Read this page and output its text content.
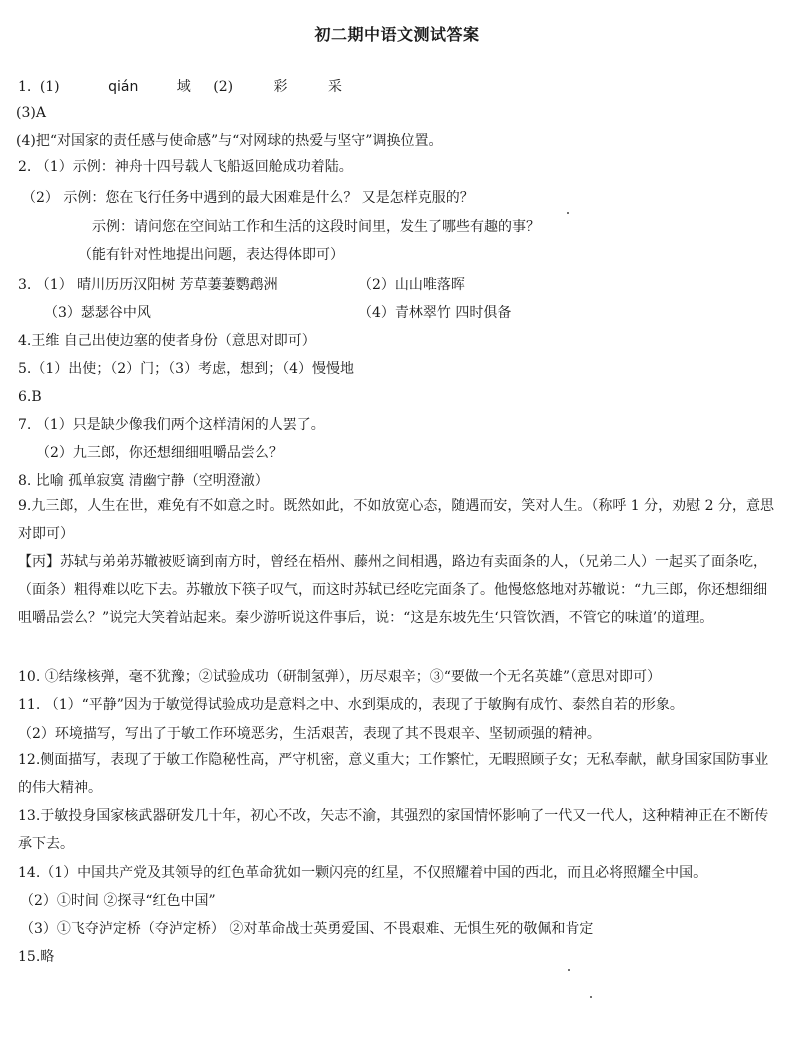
初二期中语文测试答案
1. (1)	qián	域 (2)	彩	采
(3)A
(4)把“对国家的责任感与使命感”与“对网球的热爱与坚守”调换位置。
2. （1）示例：神舟十四号载人飞船返回舱成功着陆。
（2） 示例：您在飞行任务中遇到的最大困难是什么？ 又是怎样克服的？
示例：请问您在空间站工作和生活的这段时间里，发生了哪些有趣的事？
（能有针对性地提出问题，表达得体即可）
3. （1） 晴川历历汉阳树 芳草萋萋鹦鹉洲	（2）山山唯落晖
（3）瑟瑟谷中风	（4）青林翠竹 四时俱备
4.王维 自己出使边塞的使者身份（意思对即可）
5.（1）出使；（2）门；（3）考虑，想到；（4）慢慢地
6.B
7. （1）只是缺少像我们两个这样清闲的人罢了。
（2）九三郎，你还想细细咀嚼品尝么？
8. 比喻 孤单寂寞 清幽宁静（空明澄澈）
9.九三郎，人生在世，难免有不如意之时。既然如此，不如放宽心态，随遇而安，笑对人生。（称呼 1 分，劝慰 2 分，意思对即可）
【丙】苏轼与弟弟苏辙被贬谪到南方时，曾经在梧州、藤州之间相遇，路边有卖面条的人，（兄弟二人）一起买了面条吃，（面条）粗得难以吃下去。苏辙放下筷子叹气，而这时苏轼已经吃完面条了。他慢悠悠地对苏辙说：“九三郎，你还想细细咀嚼品尝么？”说完大笑着站起来。秦少游听说这件事后，说：“这是东坡先生‘只管饮酒，不管它的味道’的道理。
10. ①结缘核弹，毫不犹豫；②试验成功（研制氢弹），历尽艰辛；③“要做一个无名英雄”（意思对即可）
11. （1）“平静”因为于敏觉得试验成功是意料之中、水到渠成的，表现了于敏胸有成竹、泰然自若的形象。
（2）环境描写，写出了于敏工作环境恶劣，生活艰苦，表现了其不畏艰辛、坚韧顽强的精神。
12.侧面描写，表现了于敏工作隐秘性高，严守机密，意义重大；工作繁忙，无暇照顾子女；无私奉献，献身国家国防事业的伟大精神。
13.于敏投身国家核武器研发几十年，初心不改，矢志不渝，其强烈的家国情怀影响了一代又一代人，这种精神正在不断传承下去。
14.（1）中国共产党及其领导的红色革命犹如一颗闪亮的红星，不仅照耀着中国的西北，而且必将照耀全中国。
（2）①时间 ②探寻“红色中国”
（3）①飞夺泸定桥（夺泸定桥） ②对革命战士英勇爱国、不畏艰难、无惧生死的敬佩和肯定
15.略
